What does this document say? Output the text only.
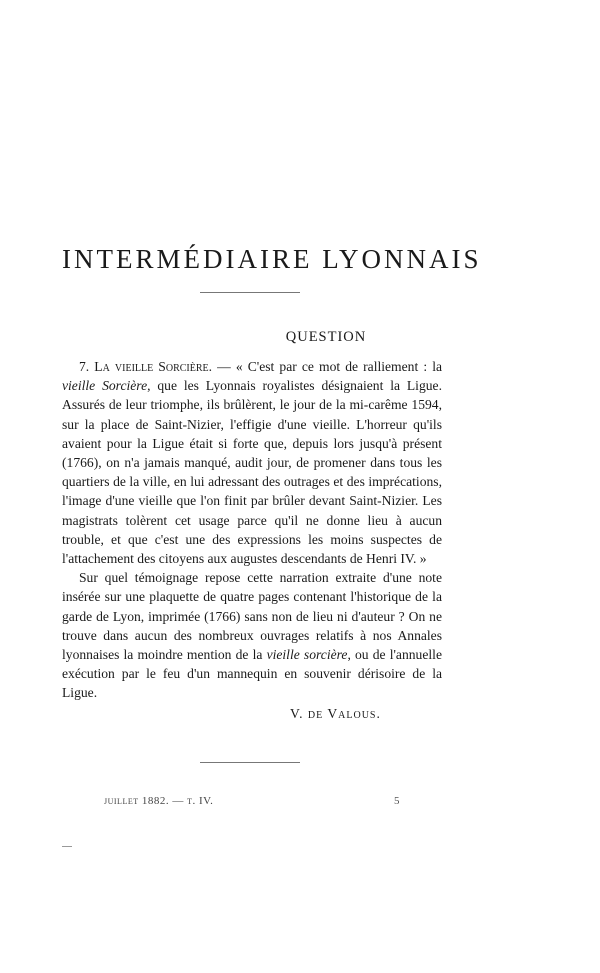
INTERMÉDIAIRE LYONNAIS
QUESTION

7. La vieille Sorcière. — « C'est par ce mot de ralliement : la vieille Sorcière, que les Lyonnais royalistes désignaient la Ligue. Assurés de leur triomphe, ils brûlèrent, le jour de la mi-carême 1594, sur la place de Saint-Nizier, l'effigie d'une vieille. L'horreur qu'ils avaient pour la Ligue était si forte que, depuis lors jusqu'à présent (1766), on n'a jamais manqué, audit jour, de promener dans tous les quartiers de la ville, en lui adressant des outrages et des imprécations, l'image d'une vieille que l'on finit par brûler devant Saint-Nizier. Les magistrats tolèrent cet usage parce qu'il ne donne lieu à aucun trouble, et que c'est une des expressions les moins suspectes de l'attachement des citoyens aux augustes descendants de Henri IV. »

Sur quel témoignage repose cette narration extraite d'une note insérée sur une plaquette de quatre pages contenant l'historique de la garde de Lyon, imprimée (1766) sans non de lieu ni d'auteur ? On ne trouve dans aucun des nombreux ouvrages relatifs à nos Annales lyonnaises la moindre mention de la vieille sorcière, ou de l'annuelle exécution par le feu d'un mannequin en souvenir dérisoire de la Ligue.

V. de Valous.

juillet 1882. — t. IV.	5
